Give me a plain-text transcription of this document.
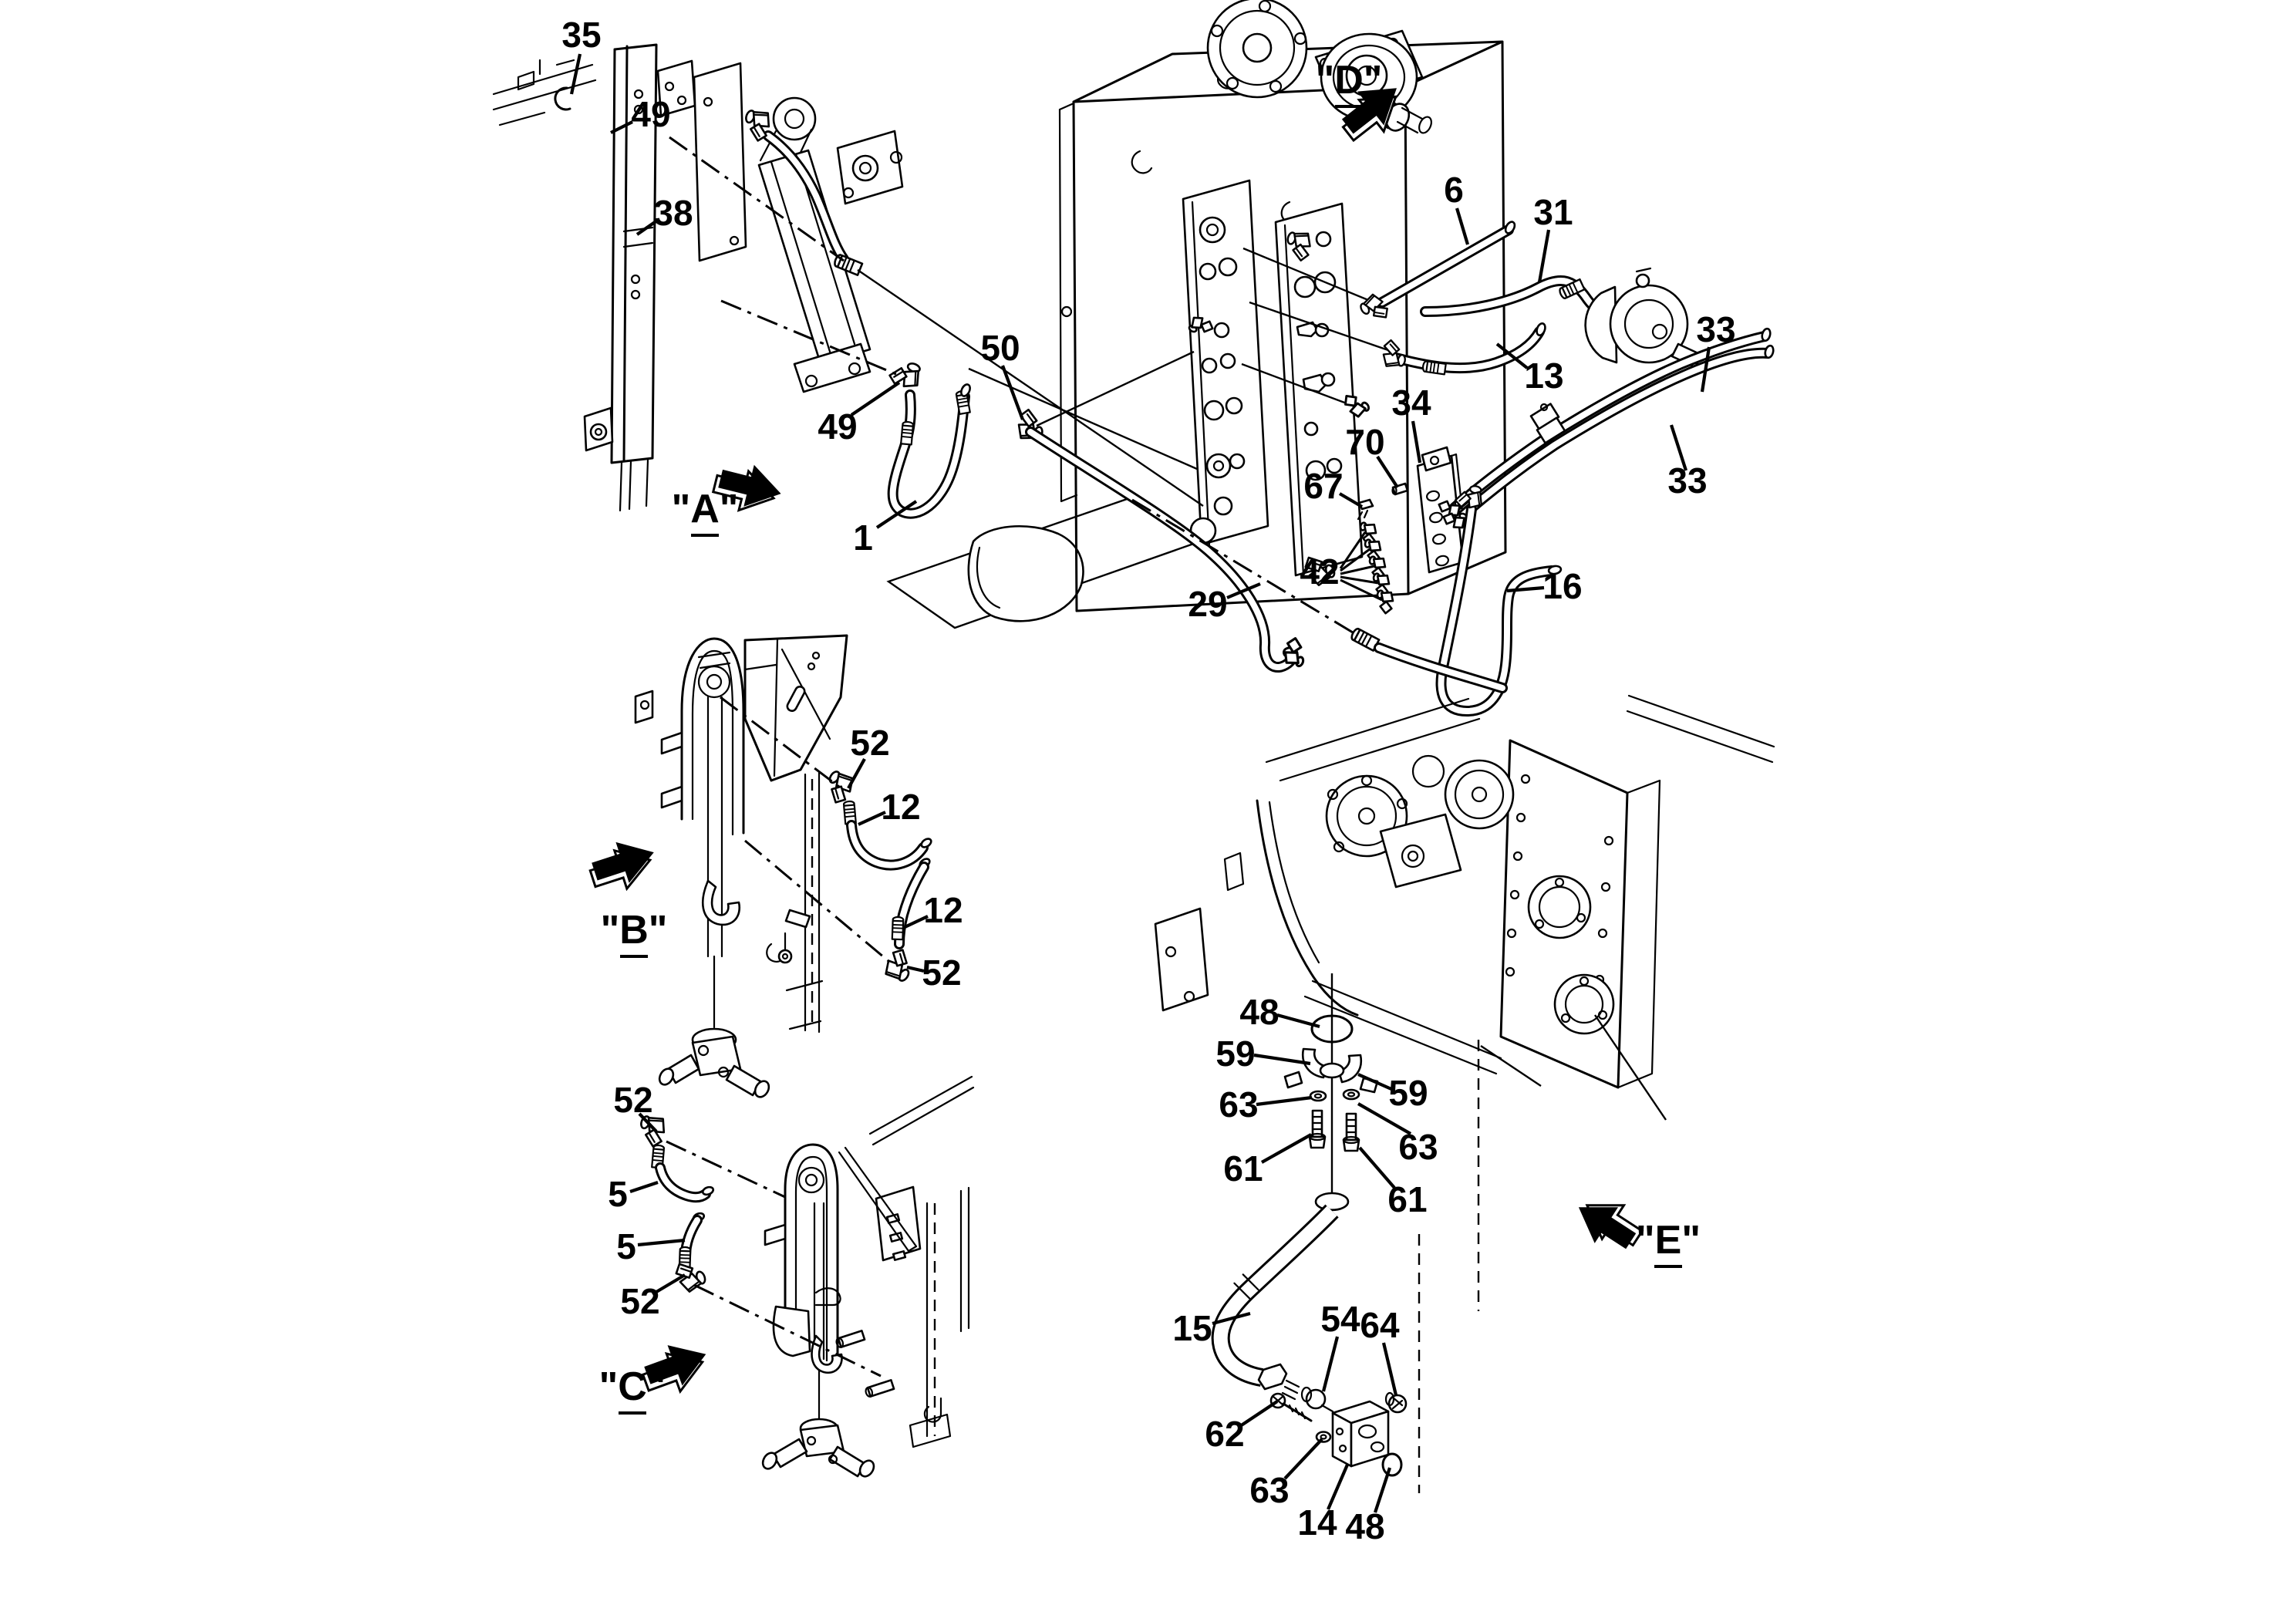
"A"
"B"
"C"
"D"
"E"
35
49
38
49
1
50
6
31
13
33
34
70
67	33
42	16
29
52
12
12
52
52
5
5
52
48
59
59
63
63
61
61
15	54 64
62
63
14 48
